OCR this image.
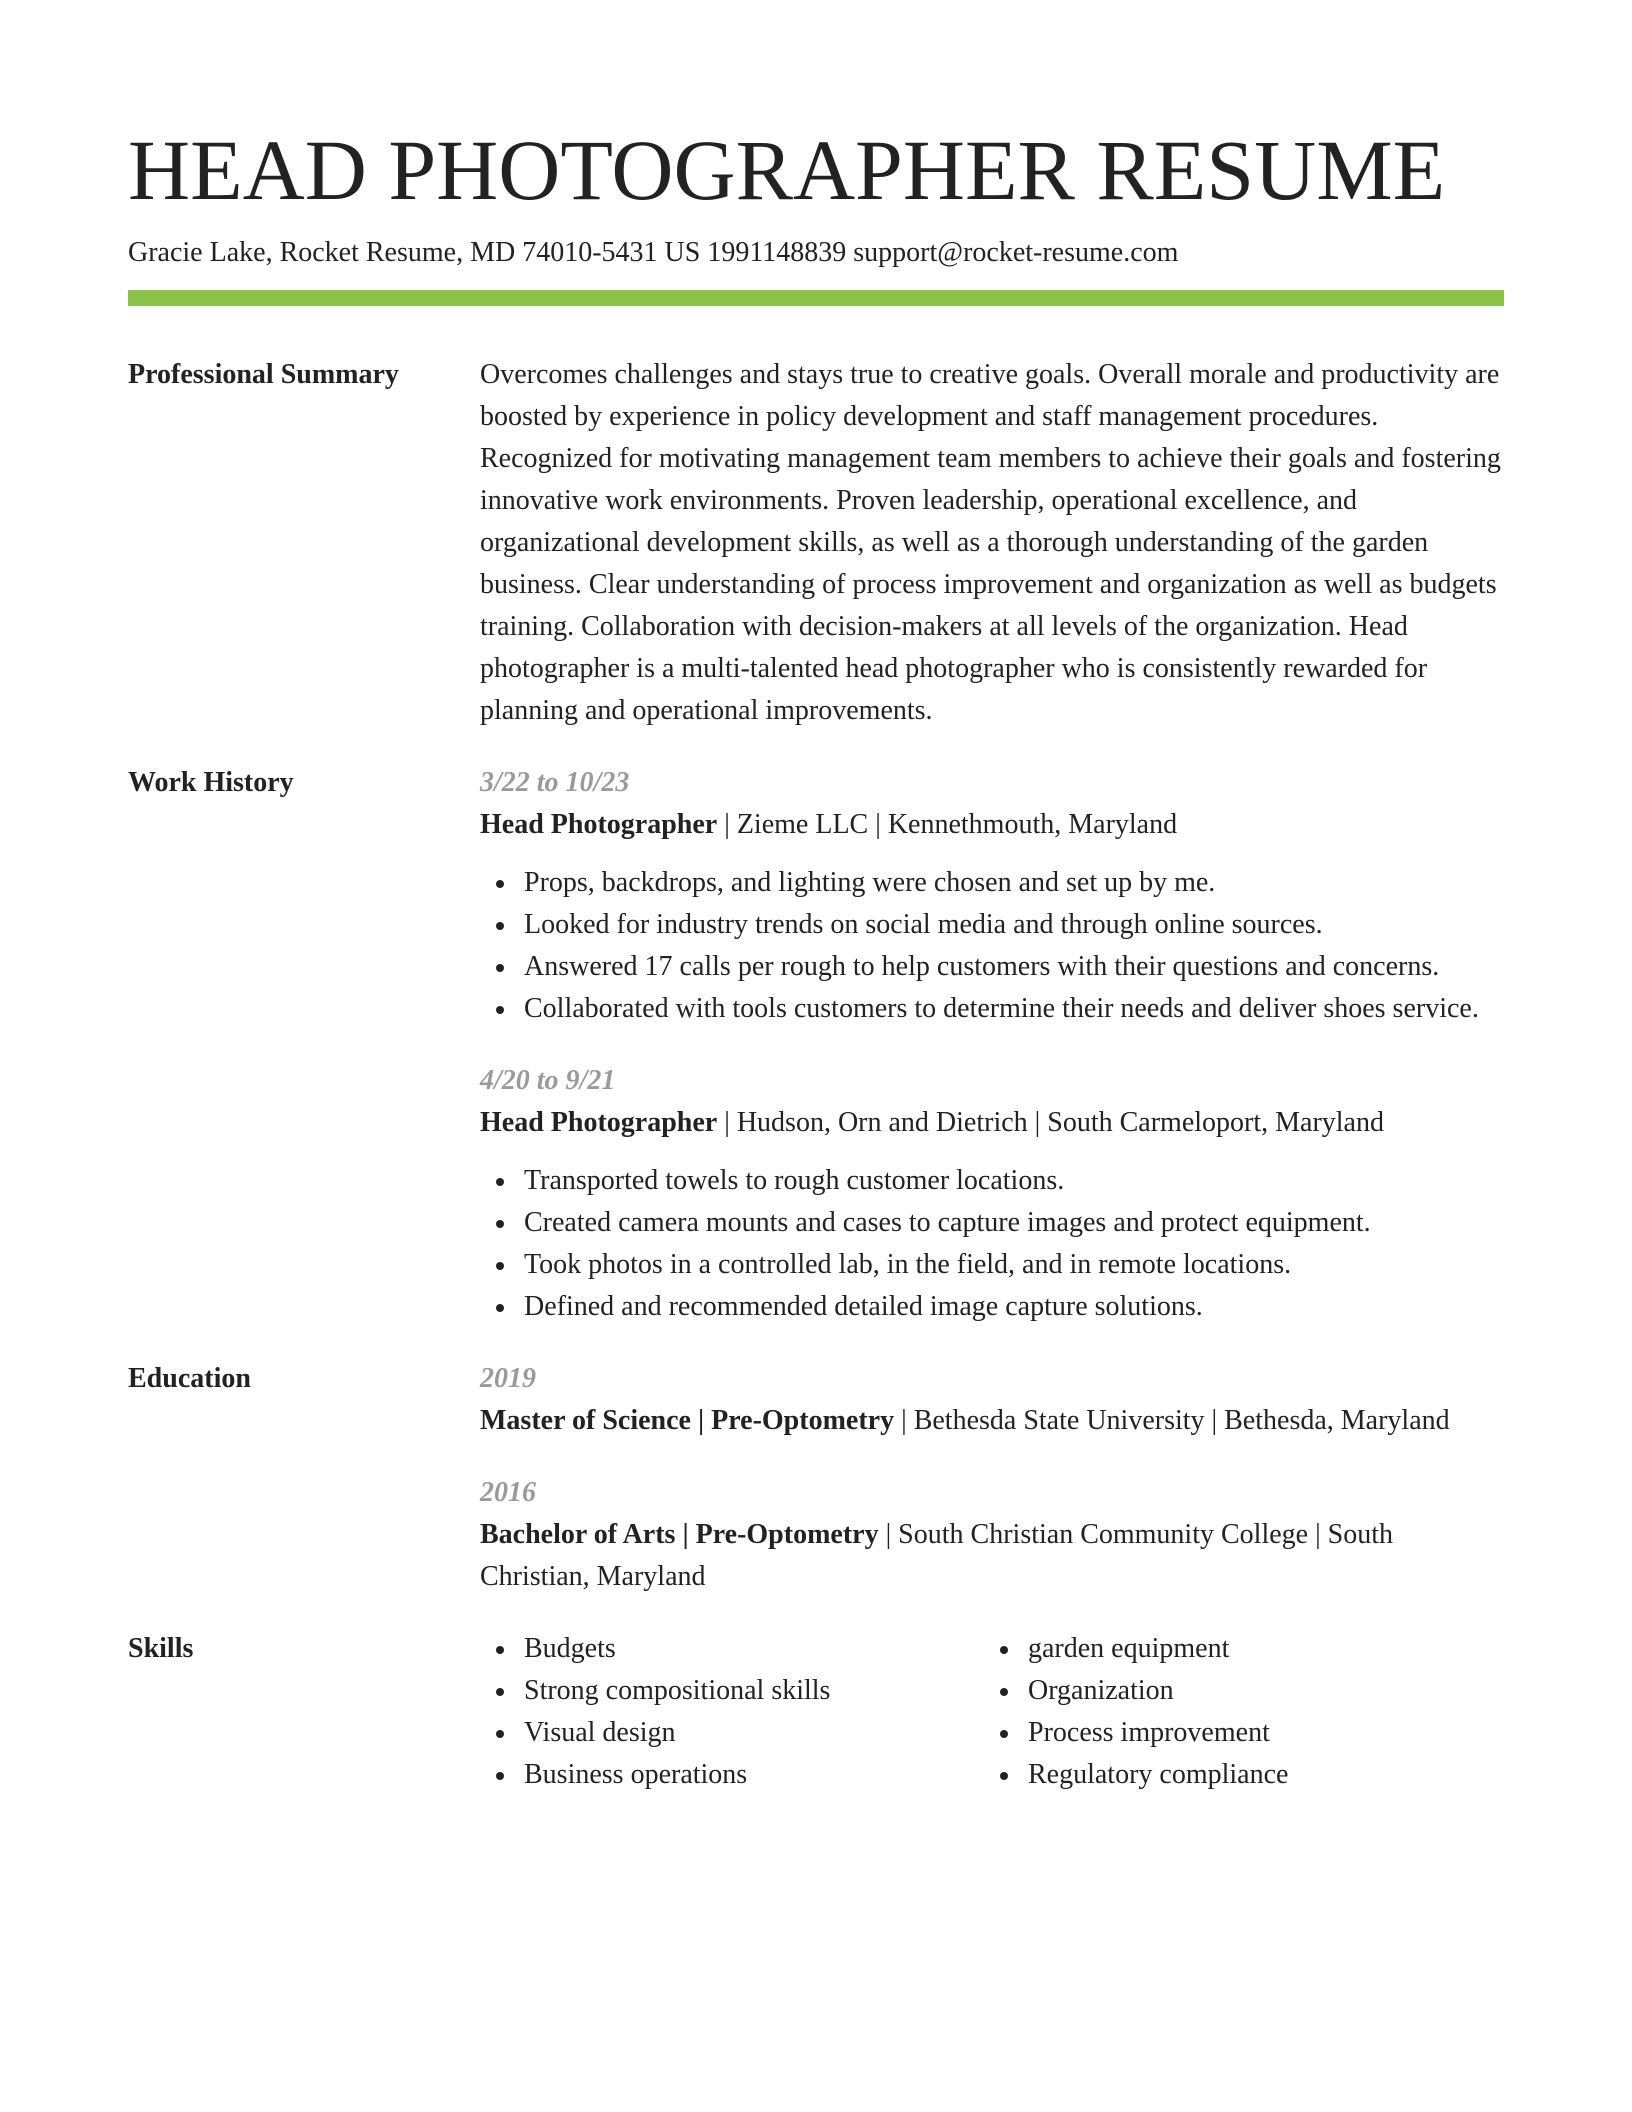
HEAD PHOTOGRAPHER RESUME
Gracie Lake, Rocket Resume, MD 74010-5431 US 1991148839 support@rocket-resume.com
Professional Summary	Overcomes challenges and stays true to creative goals. Overall morale and productivity are boosted by experience in policy development and staff management procedures. Recognized for motivating management team members to achieve their goals and fostering innovative work environments. Proven leadership, operational excellence, and organizational development skills, as well as a thorough understanding of the garden business. Clear understanding of process improvement and organization as well as budgets training. Collaboration with decision-makers at all levels of the organization. Head photographer is a multi-talented head photographer who is consistently rewarded for planning and operational improvements.

Work History	3/22 to 10/23
Head Photographer | Zieme LLC | Kennethmouth, Maryland
Props, backdrops, and lighting were chosen and set up by me.
Looked for industry trends on social media and through online sources.
Answered 17 calls per rough to help customers with their questions and concerns.
Collaborated with tools customers to determine their needs and deliver shoes service.
4/20 to 9/21
Head Photographer | Hudson, Orn and Dietrich | South Carmeloport, Maryland
Transported towels to rough customer locations.
Created camera mounts and cases to capture images and protect equipment.
Took photos in a controlled lab, in the field, and in remote locations.
Defined and recommended detailed image capture solutions.
Education	2019
Master of Science | Pre-Optometry | Bethesda State University | Bethesda, Maryland
2016
Bachelor of Arts | Pre-Optometry | South Christian Community College | South Christian, Maryland
Skills	Budgets
Strong compositional skills
Visual design
Business operations
garden equipment
Organization
Process improvement
Regulatory compliance
